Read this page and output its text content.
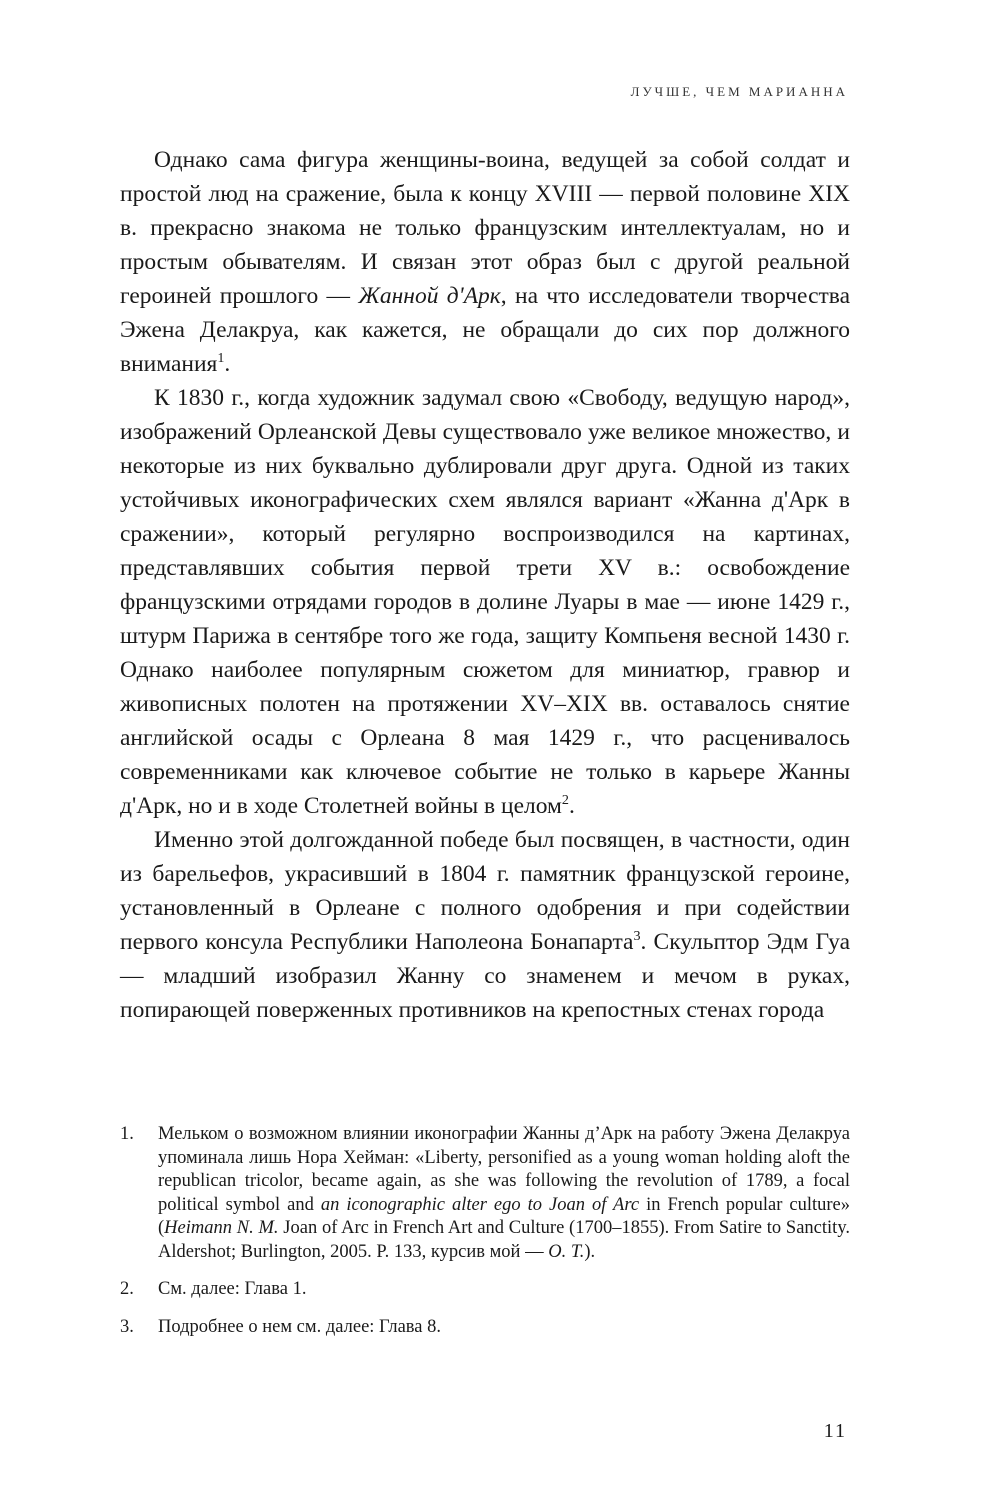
ЛУЧШЕ, ЧЕМ МАРИАННА

Однако сама фигура женщины-воина, ведущей за собой солдат и простой люд на сражение, была к концу XVIII — первой половине XIX в. прекрасно знакома не только французским интеллектуалам, но и простым обывателям. И связан этот образ был с другой реальной героиней прошлого — Жанной д'Арк, на что исследователи творчества Эжена Делакруа, как кажется, не обращали до сих пор должного внимания$^1$.

К 1830 г., когда художник задумал свою «Свободу, ведущую народ», изображений Орлеанской Девы существовало уже великое множество, и некоторые из них буквально дублировали друг друга. Одной из таких устойчивых иконографических схем являлся вариант «Жанна д'Арк в сражении», который регулярно воспроизводился на картинах, представлявших события первой трети XV в.: освобождение французскими отрядами городов в долине Луары в мае — июне 1429 г., штурм Парижа в сентябре того же года, защиту Компьеня весной 1430 г. Однако наиболее популярным сюжетом для миниатюр, гравюр и живописных полотен на протяжении XV–XIX вв. оставалось снятие английской осады с Орлеана 8 мая 1429 г., что расценивалось современниками как ключевое событие не только в карьере Жанны д'Арк, но и в ходе Столетней войны в целом$^2$.

Именно этой долгожданной победе был посвящен, в частности, один из барельефов, украсивший в 1804 г. памятник французской героине, установленный в Орлеане с полного одобрения и при содействии первого консула Республики Наполеона Бонапарта$^3$. Скульптор Эдм Гуа — младший изобразил Жанну со знаменем и мечом в руках, попирающей поверженных противников на крепостных стенах города

1.	Мельком о возможном влиянии иконографии Жанны д’Арк на работу Эжена Делакруа упоминала лишь Нора Хейман: «Liberty, personified as a young woman holding aloft the republican tricolor, became again, as she was following the revolution of 1789, a focal political symbol and an iconographic alter ego to Joan of Arc in French popular culture» (Heimann N. M. Joan of Arc in French Art and Culture (1700–1855). From Satire to Sanctity. Aldershot; Burlington, 2005. P. 133, курсив мой — O. T.).
2.	См. далее: Глава 1.
3.	Подробнее о нем см. далее: Глава 8.
11
